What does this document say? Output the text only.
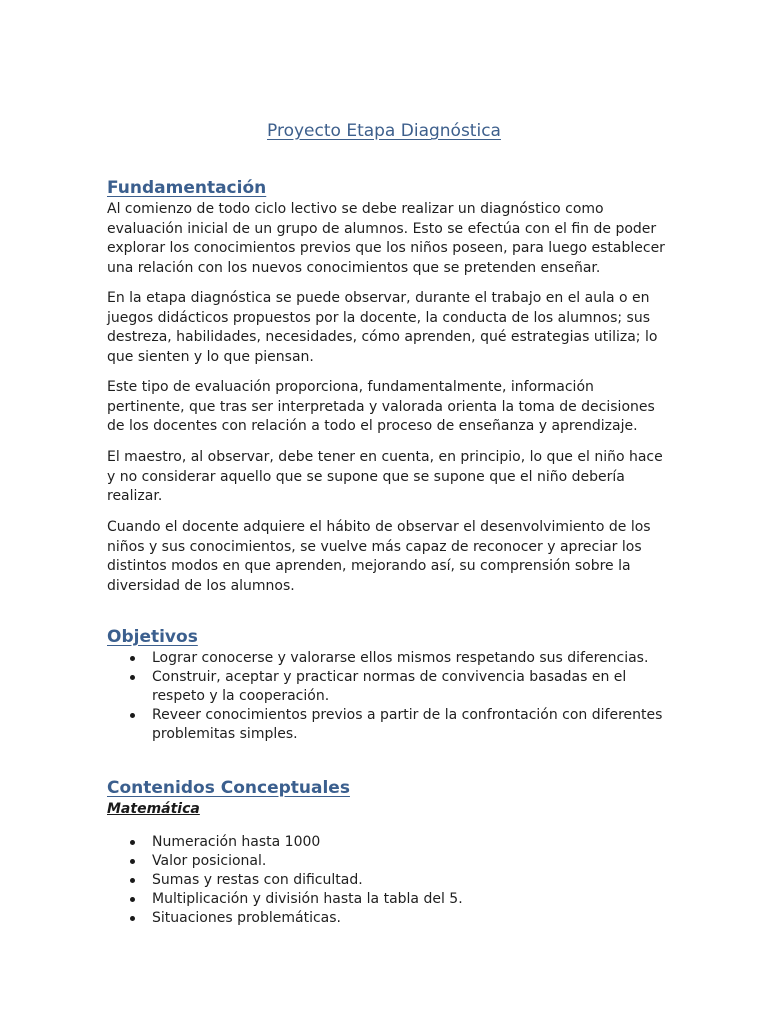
Proyecto Etapa Diagnóstica
Fundamentación

Al comienzo de todo ciclo lectivo se debe realizar un diagnóstico como evaluación inicial de un grupo de alumnos. Esto se efectúa con el fin de poder explorar los conocimientos previos que los niños poseen, para luego establecer una relación con los nuevos conocimientos que se pretenden enseñar.

En la etapa diagnóstica se puede observar, durante el trabajo en el aula o en juegos didácticos propuestos por la docente, la conducta de los alumnos; sus destreza, habilidades, necesidades, cómo aprenden, qué estrategias utiliza; lo que sienten y lo que piensan.

Este tipo de evaluación proporciona, fundamentalmente, información pertinente, que tras ser interpretada y valorada orienta la toma de decisiones de los docentes con relación a todo el proceso de enseñanza y aprendizaje.

El maestro, al observar, debe tener en cuenta, en principio, lo que el niño hace y no considerar aquello que se supone que se supone que el niño debería realizar.

Cuando el docente adquiere el hábito de observar el desenvolvimiento de los niños y sus conocimientos, se vuelve más capaz de reconocer y apreciar los distintos modos en que aprenden, mejorando así, su comprensión sobre la diversidad de los alumnos.

Objetivos
Lograr conocerse y valorarse ellos mismos respetando sus diferencias.
Construir, aceptar y practicar normas de convivencia basadas en el respeto y la cooperación.
Reveer conocimientos previos a partir de la confrontación con diferentes problemitas simples.
Contenidos Conceptuales

Matemática

Numeración hasta 1000
Valor posicional.
Sumas y restas con dificultad.
Multiplicación y división hasta la tabla del 5.
Situaciones problemáticas.
